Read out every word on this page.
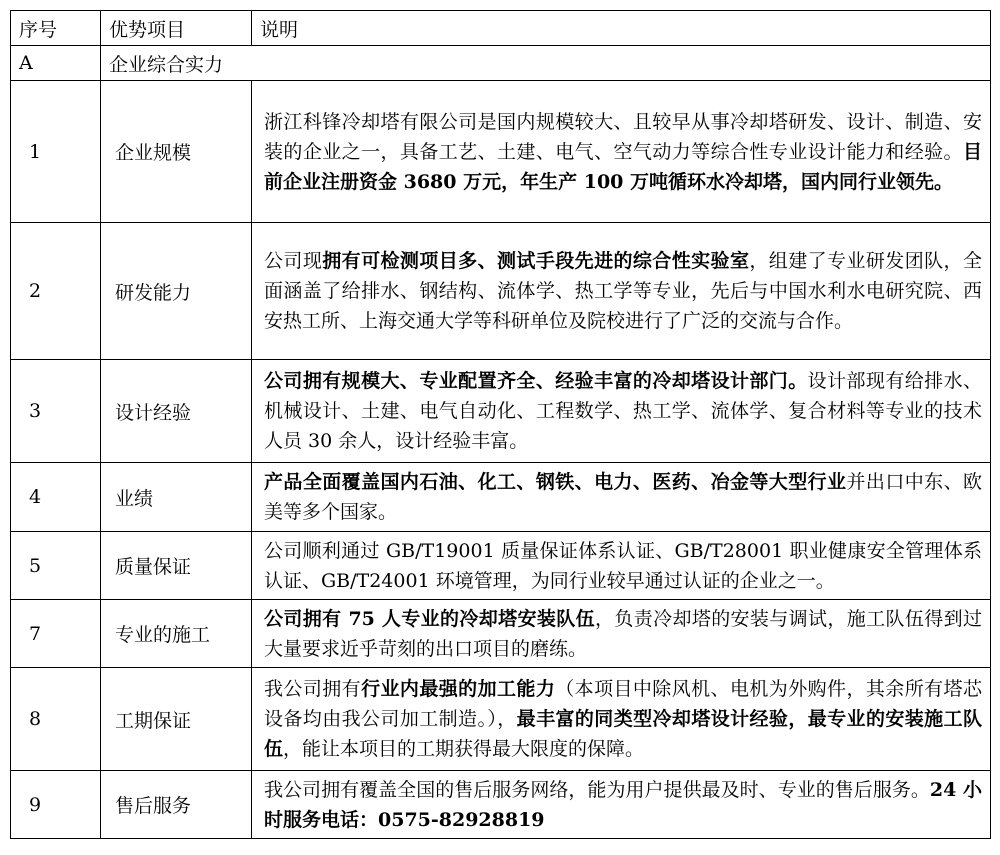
序号	优势项目	说明
A	企业综合实力	
1	企业规模	浙江科锋冷却塔有限公司是国内规模较大、且较早从事冷却塔研发、设计、制造、安装的企业之一，具备工艺、土建、电气、空气动力等综合性专业设计能力和经验。目前企业注册资金 3680 万元，年生产 100 万吨循环水冷却塔，国内同行业领先。
2	研发能力	公司现拥有可检测项目多、测试手段先进的综合性实验室，组建了专业研发团队，全面涵盖了给排水、钢结构、流体学、热工学等专业，先后与中国水利水电研究院、西安热工所、上海交通大学等科研单位及院校进行了广泛的交流与合作。
3	设计经验	公司拥有规模大、专业配置齐全、经验丰富的冷却塔设计部门。设计部现有给排水、机械设计、土建、电气自动化、工程数学、热工学、流体学、复合材料等专业的技术人员 30 余人，设计经验丰富。
4	业绩	产品全面覆盖国内石油、化工、钢铁、电力、医药、冶金等大型行业并出口中东、欧美等多个国家。
5	质量保证	公司顺利通过 GB/T19001 质量保证体系认证、GB/T28001 职业健康安全管理体系认证、GB/T24001 环境管理，为同行业较早通过认证的企业之一。
7	专业的施工	公司拥有 75 人专业的冷却塔安装队伍，负责冷却塔的安装与调试，施工队伍得到过大量要求近乎苛刻的出口项目的磨练。
8	工期保证	我公司拥有行业内最强的加工能力（本项目中除风机、电机为外购件，其余所有塔芯设备均由我公司加工制造。），最丰富的同类型冷却塔设计经验，最专业的安装施工队伍，能让本项目的工期获得最大限度的保障。
9	售后服务	我公司拥有覆盖全国的售后服务网络，能为用户提供最及时、专业的售后服务。24 小时服务电话：0575-82928819
